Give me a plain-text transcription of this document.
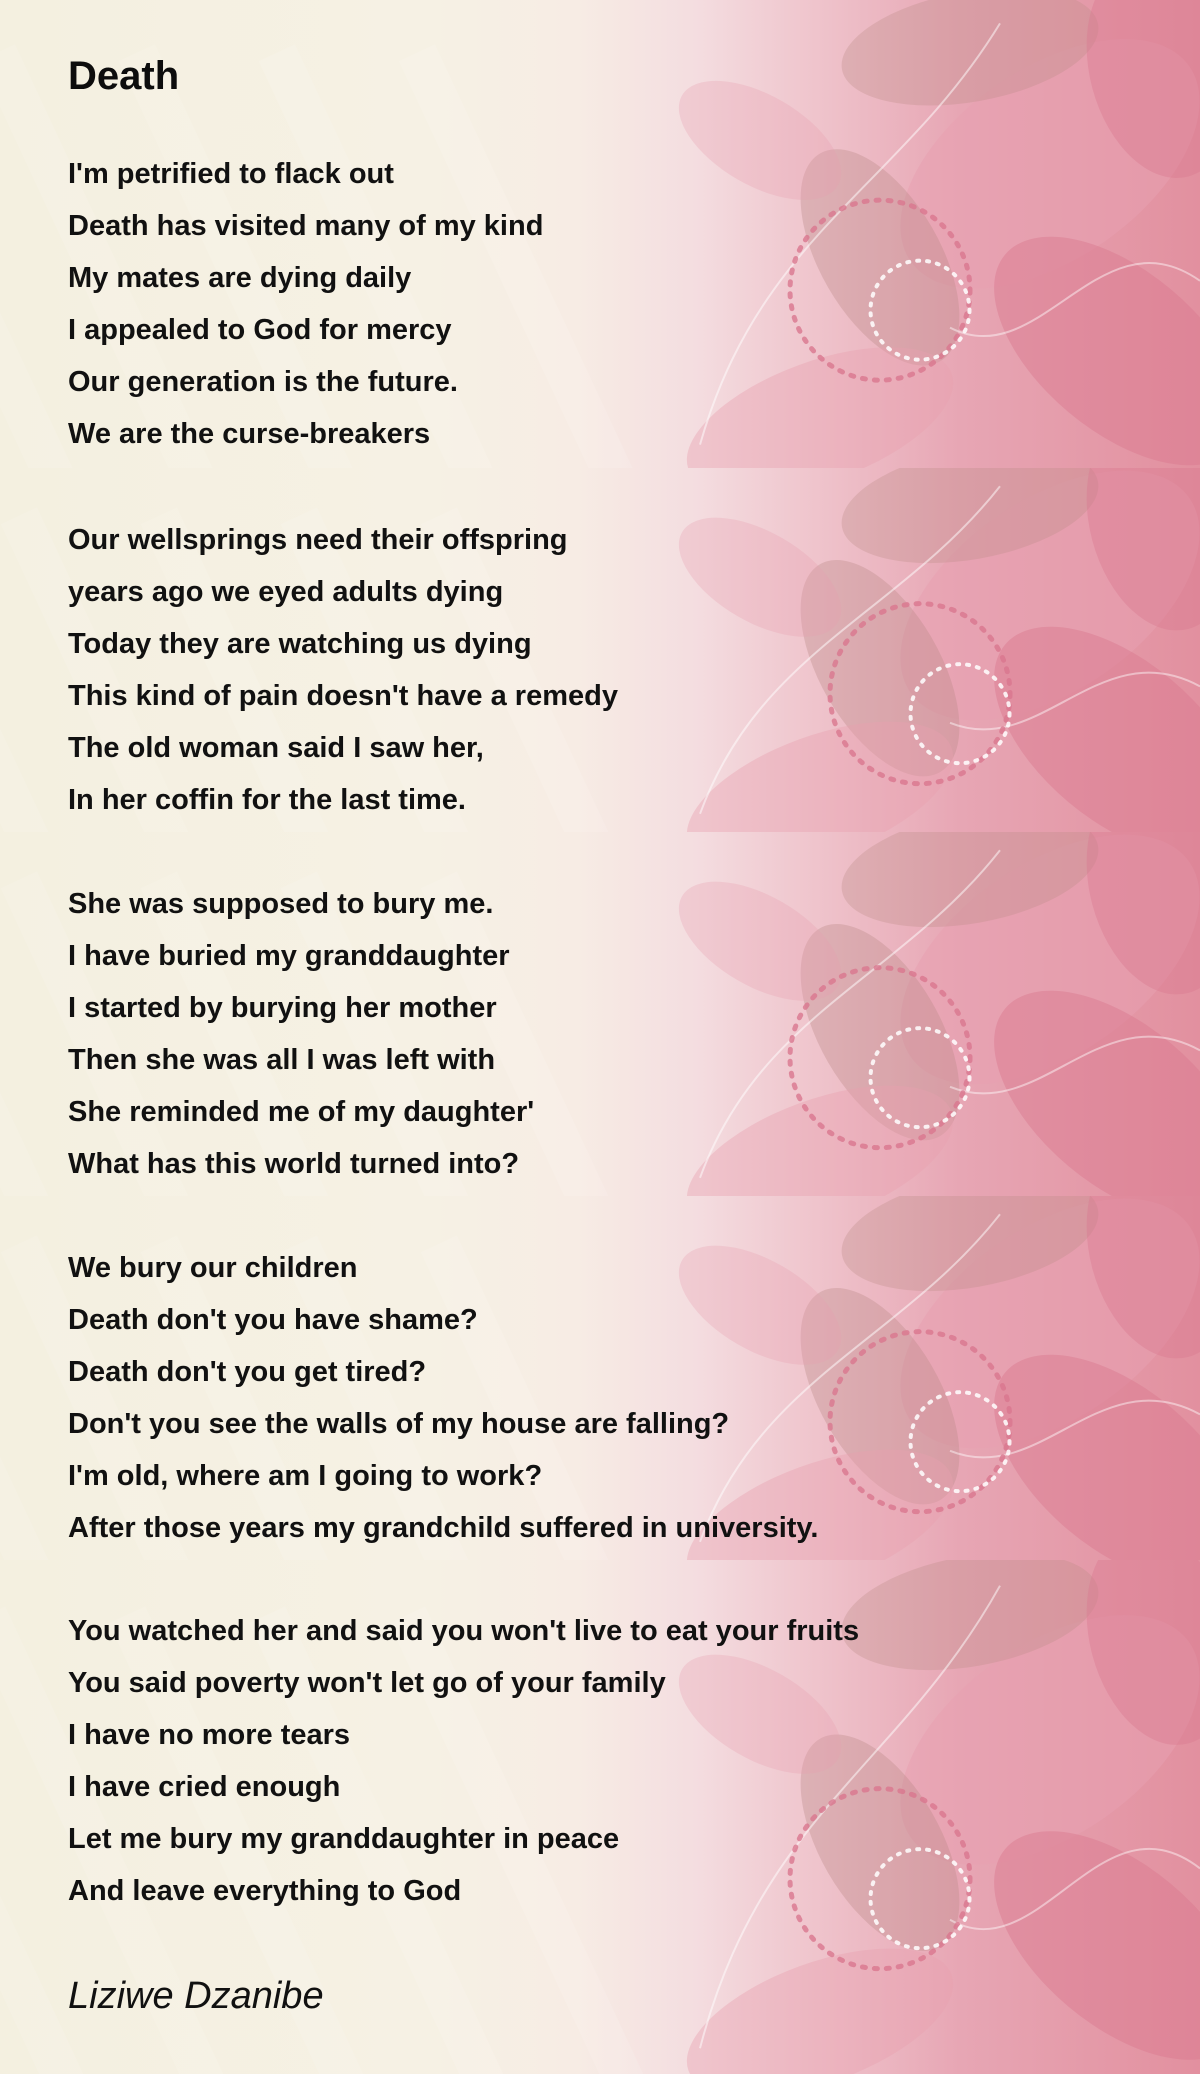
Death
I'm petrified to flack out
Death has visited many of my kind
My mates are dying daily
I appealed to God for mercy
Our generation is the future.
We are the curse-breakers
Our wellsprings need their offspring
years ago we eyed adults dying
Today they are watching us dying
This kind of pain doesn't have a remedy
The old woman said I saw her,
In her coffin for the last time.
She was supposed to bury me.
I have buried my granddaughter
I started by burying her mother
Then she was all I was left with
She reminded me of my daughter'
What has this world turned into?
We bury our children
Death don't you have shame?
Death don't you get tired?
Don't you see the walls of my house are falling?
I'm old, where am I going to work?
After those years my grandchild suffered in university.
You watched her and said you won't live to eat your fruits
You said poverty won't let go of your family
I have no more tears
I have cried enough
Let me bury my granddaughter in peace
And leave everything to God

Liziwe Dzanibe
